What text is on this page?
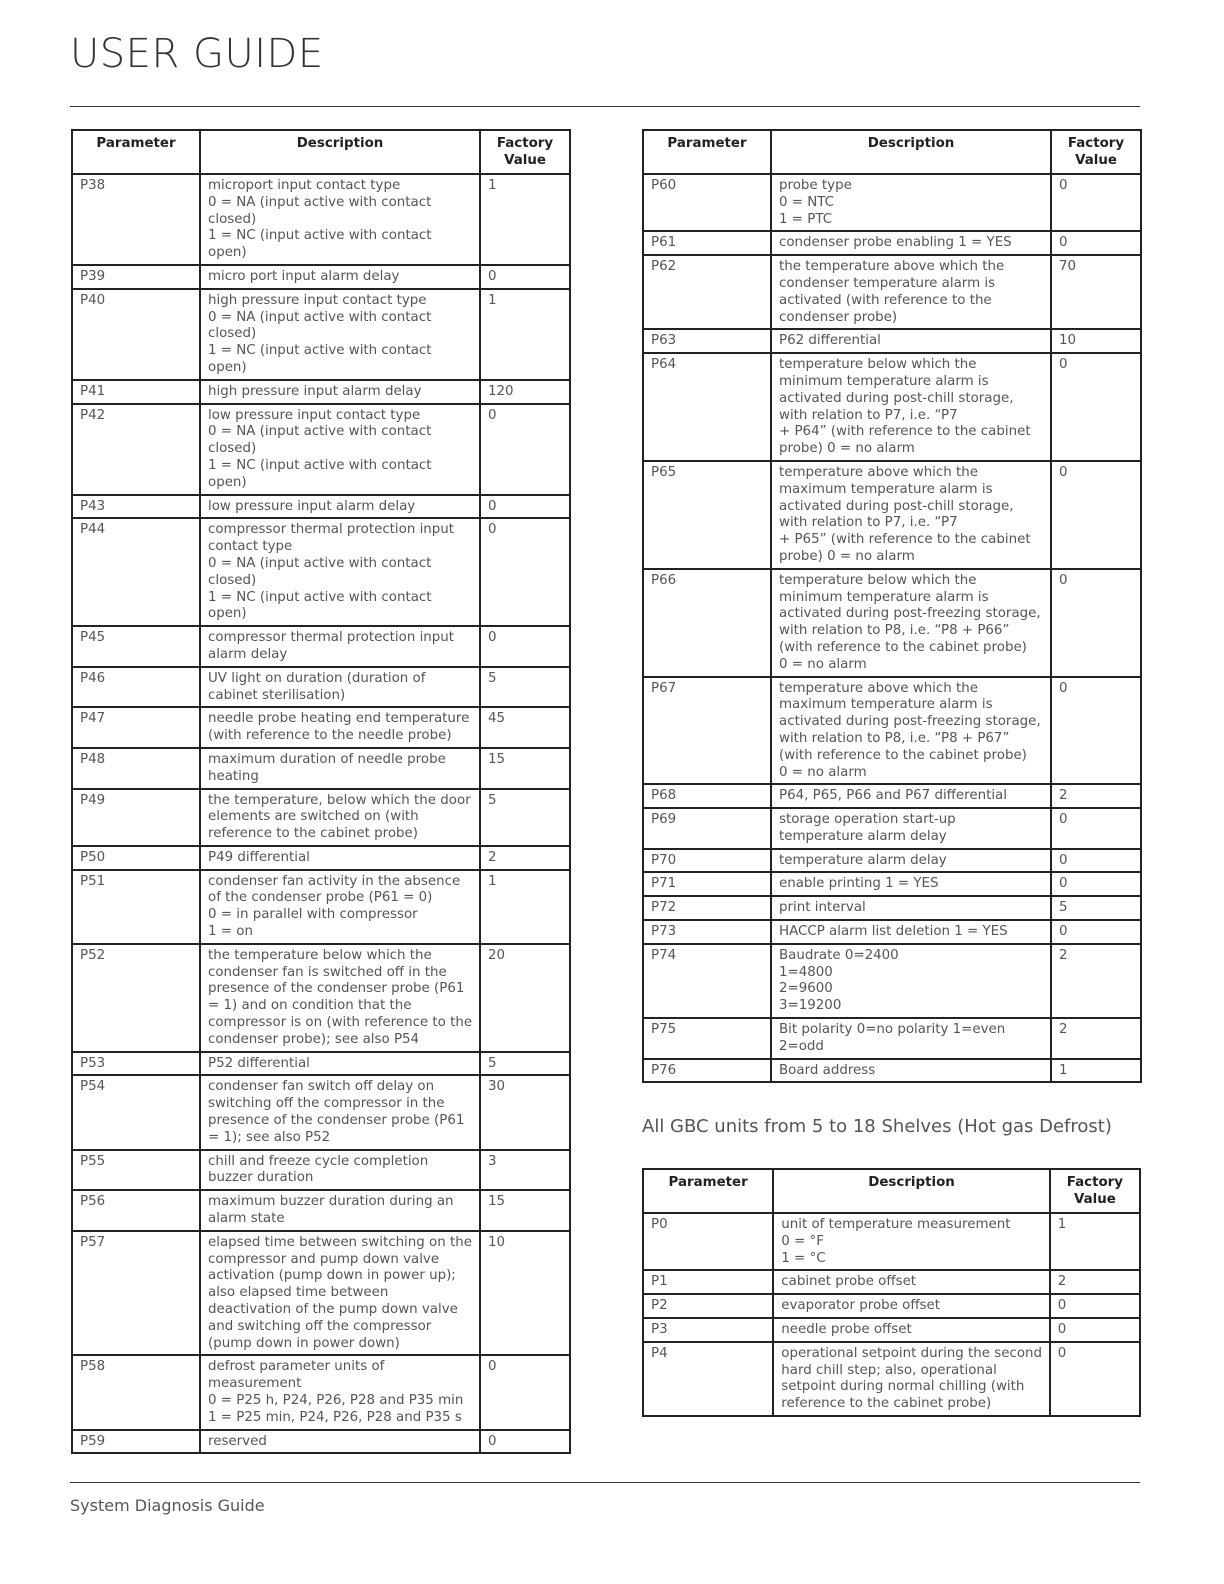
USER GUIDE
Parameter	Description	Factory Value
P38	microport input contact type
0 = NA (input active with contact closed)
1 = NC (input active with contact open)	1
P39	micro port input alarm delay	0
P40	high pressure input contact type
0 = NA (input active with contact closed)
1 = NC (input active with contact open)	1
P41	high pressure input alarm delay	120
P42	low pressure input contact type
0 = NA (input active with contact closed)
1 = NC (input active with contact open)	0
P43	low pressure input alarm delay	0
P44	compressor thermal protection input contact type
0 = NA (input active with contact closed)
1 = NC (input active with contact open)	0
P45	compressor thermal protection input alarm delay	0
P46	UV light on duration (duration of cabinet sterilisation)	5
P47	needle probe heating end temperature (with reference to the needle probe)	45
P48	maximum duration of needle probe heating	15
P49	the temperature, below which the door elements are switched on (with reference to the cabinet probe)	5
P50	P49 differential	2
P51	condenser fan activity in the absence of the condenser probe (P61 = 0)
0 = in parallel with compressor
1 = on	1
P52	the temperature below which the condenser fan is switched off in the presence of the condenser probe (P61 = 1) and on condition that the compressor is on (with reference to the condenser probe); see also P54	20
P53	P52 differential	5
P54	condenser fan switch off delay on switching off the compressor in the presence of the condenser probe (P61 = 1); see also P52	30
P55	chill and freeze cycle completion buzzer duration	3
P56	maximum buzzer duration during an alarm state	15
P57	elapsed time between switching on the compressor and pump down valve activation (pump down in power up); also elapsed time between deactivation of the pump down valve and switching off the compressor (pump down in power down)	10
P58	defrost parameter units of measurement
0 = P25 h, P24, P26, P28 and P35 min
1 = P25 min, P24, P26, P28 and P35 s	0
P59	reserved	0
Parameter	Description	Factory Value
P60	probe type
0 = NTC
1 = PTC	0
P61	condenser probe enabling 1 = YES	0
P62	the temperature above which the condenser temperature alarm is activated (with reference to the condenser probe)	70
P63	P62 differential	10
P64	temperature below which the minimum temperature alarm is activated during post-chill storage, with relation to P7, i.e. “P7
+ P64” (with reference to the cabinet probe) 0 = no alarm	0
P65	temperature above which the maximum temperature alarm is activated during post-chill storage, with relation to P7, i.e. “P7
+ P65” (with reference to the cabinet probe) 0 = no alarm	0
P66	temperature below which the minimum temperature alarm is activated during post-freezing storage, with relation to P8, i.e. “P8 + P66” (with reference to the cabinet probe)
0 = no alarm	0
P67	temperature above which the maximum temperature alarm is activated during post-freezing storage, with relation to P8, i.e. “P8 + P67” (with reference to the cabinet probe)
0 = no alarm	0
P68	P64, P65, P66 and P67 differential	2
P69	storage operation start-up temperature alarm delay	0
P70	temperature alarm delay	0
P71	enable printing 1 = YES	0
P72	print interval	5
P73	HACCP alarm list deletion 1 = YES	0
P74	Baudrate 0=2400
1=4800
2=9600
3=19200	2
P75	Bit polarity 0=no polarity 1=even 2=odd	2
P76	Board address	1
All GBC units from 5 to 18 Shelves (Hot gas Defrost)
Parameter	Description	Factory Value
P0	unit of temperature measurement
0 = °F
1 = °C	1
P1	cabinet probe offset	2
P2	evaporator probe offset	0
P3	needle probe offset	0
P4	operational setpoint during the second hard chill step; also, operational setpoint during normal chilling (with reference to the cabinet probe)	0
System Diagnosis Guide
